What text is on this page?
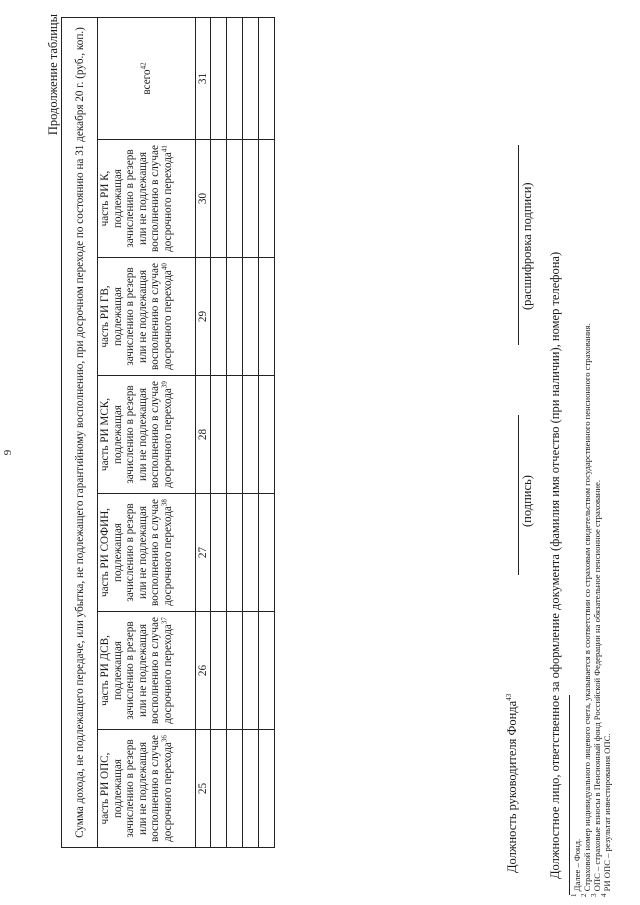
9
Продолжение таблицы Сумма дохода, не подлежащего передаче, или убытка, не подлежащего гарантийному восполнению, при досрочном переходе по состоянию на 31 декабря 20 г. (руб., коп.)						
часть РИ ОПС, подлежащая зачислению в резерв или не подлежащая восполнению в случае досрочного перехода$^{36}$	часть РИ ДСВ, подлежащая зачислению в резерв или не подлежащая восполнению в случае досрочного перехода$^{37}$	часть РИ СОФИН, подлежащая зачислению в резерв или не подлежащая восполнению в случае досрочного перехода$^{38}$	часть РИ МСК, подлежащая зачислению в резерв или не подлежащая восполнению в случае досрочного перехода$^{39}$	часть РИ ГВ, подлежащая зачислению в резерв или не подлежащая восполнению в случае досрочного перехода$^{40}$	часть РИ К, подлежащая зачислению в резерв или не подлежащая восполнению в случае досрочного перехода$^{41}$	всего$^{42}$
25	26	27	28	29	30	31

Должность руководителя Фонда$^{43}$
(подпись)
(расшифровка подписи)
Должностное лицо, ответственное за оформление документа (фамилия имя отчество (при наличии), номер телефона)
$^1$ Далее – Фонд.
$^2$ Страховой номер индивидуального лицевого счета, указывается в соответствии со страховым свидетельством государственного пенсионного страхования.
$^3$ ОПС – страховые взносы в Пенсионный фонд Российской Федерации на обязательное пенсионное страхование.
$^4$ РИ ОПС – результат инвестирования ОПС.
